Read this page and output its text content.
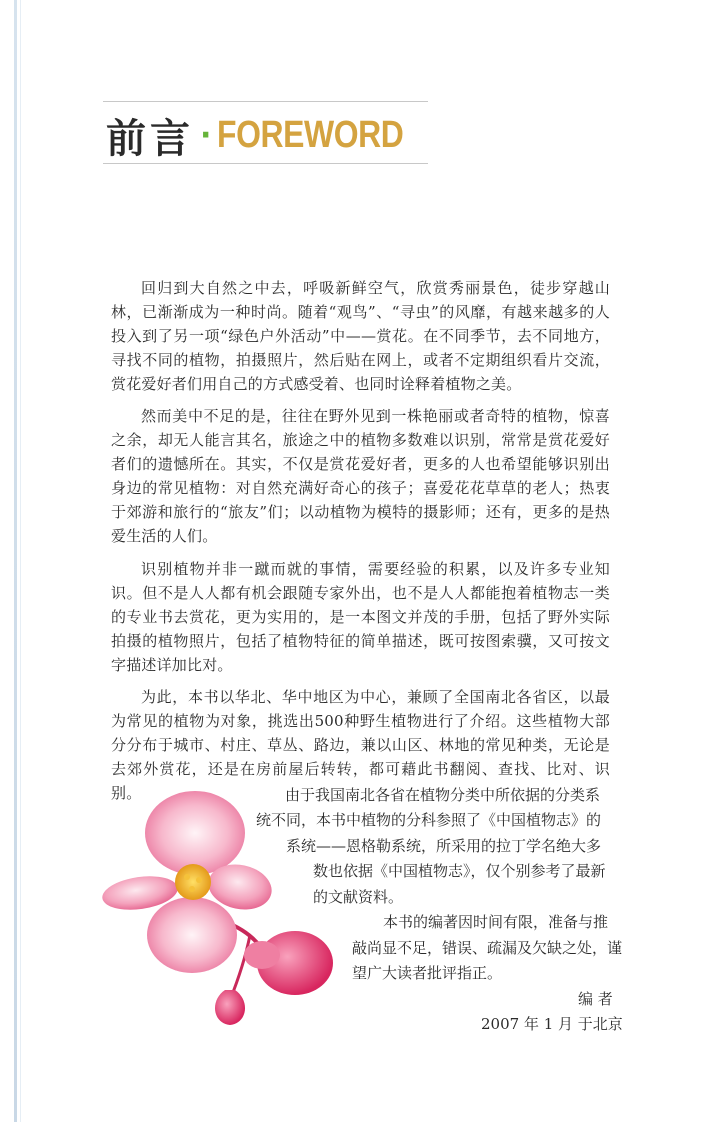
前言 · FOREWORD

回归到大自然之中去，呼吸新鲜空气，欣赏秀丽景色，徒步穿越山林，已渐渐成为一种时尚。随着“观鸟”、“寻虫”的风靡，有越来越多的人投入到了另一项“绿色户外活动”中——赏花。在不同季节，去不同地方，寻找不同的植物，拍摄照片，然后贴在网上，或者不定期组织看片交流，赏花爱好者们用自己的方式感受着、也同时诠释着植物之美。

然而美中不足的是，往往在野外见到一株艳丽或者奇特的植物，惊喜之余，却无人能言其名，旅途之中的植物多数难以识别，常常是赏花爱好者们的遗憾所在。其实，不仅是赏花爱好者，更多的人也希望能够识别出身边的常见植物：对自然充满好奇心的孩子；喜爱花花草草的老人；热衷于郊游和旅行的“旅友”们；以动植物为模特的摄影师；还有，更多的是热爱生活的人们。

识别植物并非一蹴而就的事情，需要经验的积累，以及许多专业知识。但不是人人都有机会跟随专家外出，也不是人人都能抱着植物志一类的专业书去赏花，更为实用的，是一本图文并茂的手册，包括了野外实际拍摄的植物照片，包括了植物特征的简单描述，既可按图索骥，又可按文字描述详加比对。

为此，本书以华北、华中地区为中心，兼顾了全国南北各省区，以最为常见的植物为对象，挑选出500种野生植物进行了介绍。这些植物大部分分布于城市、村庄、草丛、路边，兼以山区、林地的常见种类，无论是去郊外赏花，还是在房前屋后转转，都可藉此书翻阅、查找、比对、识别。	由于我国南北各省在植物分类中所依据的分类系

统不同，本书中植物的分科参照了《中国植物志》的

系统——恩格勒系统，所采用的拉丁学名绝大多

数也依据《中国植物志》，仅个别参考了最新

的文献资料。

本书的编著因时间有限，准备与推

敲尚显不足，错误、疏漏及欠缺之处，谨

望广大读者批评指正。

编 者
2007 年 1 月 于北京
